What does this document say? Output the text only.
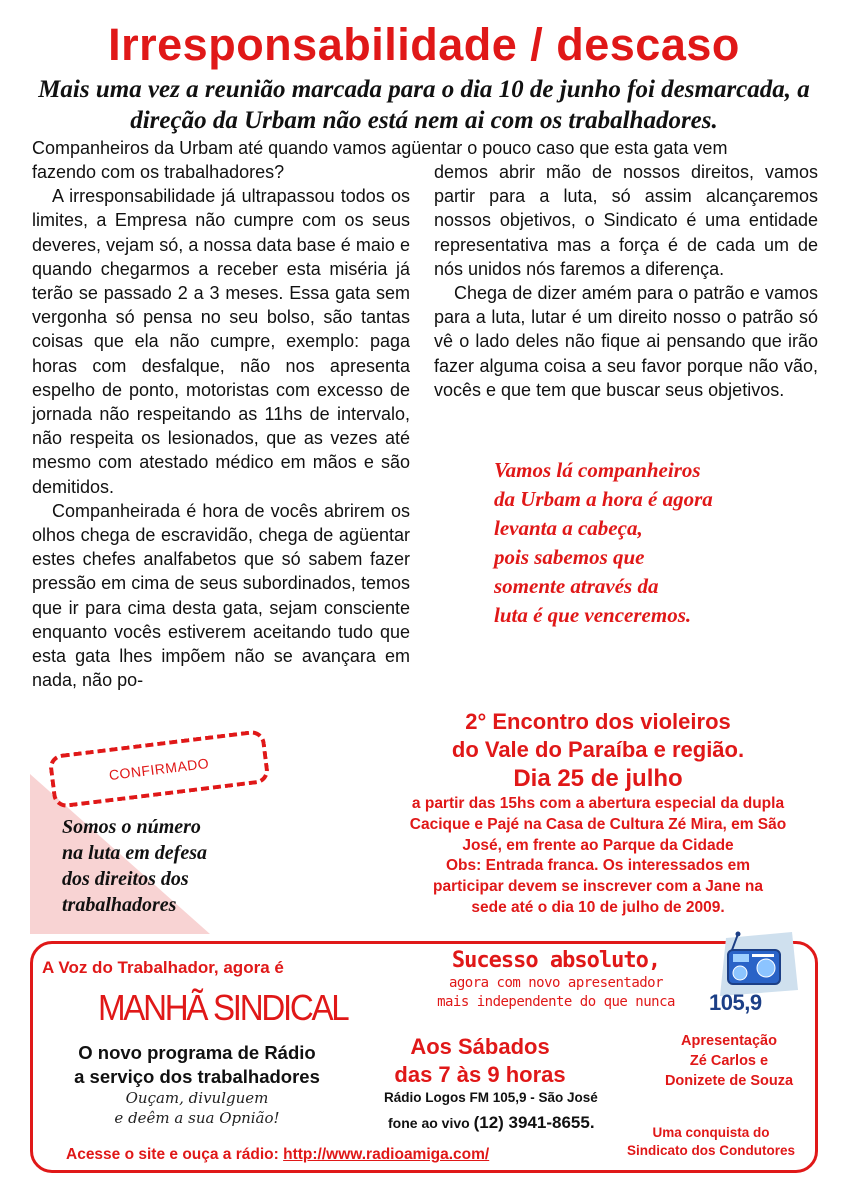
Irresponsabilidade / descaso
Mais uma vez a reunião marcada para o dia 10 de junho foi desmarcada, a direção da Urbam não está nem ai com os trabalhadores.
Companheiros da Urbam até quando vamos agüentar o pouco caso que esta gata vem

fazendo com os trabalhadores?

A irresponsabilidade já ultrapassou todos os limites, a Empresa não cumpre com os seus deveres, vejam só, a nossa data base é maio e quando chegarmos a receber esta miséria já terão se passado 2 a 3 meses. Essa gata sem vergonha só pensa no seu bolso, são tantas coisas que ela não cumpre, exemplo: paga horas com desfalque, não nos apresenta espelho de ponto, motoristas com excesso de jornada não respeitando as 11hs de intervalo, não respeita os lesionados, que as vezes até mesmo com atestado médico em mãos e são demitidos.

Companheirada é hora de vocês abrirem os olhos chega de escravidão, chega de agüentar estes chefes analfabetos que só sabem fazer pressão em cima de seus subordinados, temos que ir para cima desta gata, sejam consciente enquanto vocês estiverem aceitando tudo que esta gata lhes impõem não se avançara em nada, não po-

demos abrir mão de nossos direitos, vamos partir para a luta, só assim alcançaremos nossos objetivos, o Sindicato é uma entidade representativa mas a força é de cada um de nós unidos nós faremos a diferença.

Chega de dizer amém para o patrão e vamos para a luta, lutar é um direito nosso o patrão só vê o lado deles não fique ai pensando que irão fazer alguma coisa a seu favor porque não vão, vocês e que tem que buscar seus objetivos.

Vamos lá companheiros
da Urbam a hora é agora
levanta a cabeça,
pois sabemos que
somente através da
luta é que venceremos.
2° Encontro dos violeiros
do Vale do Paraíba e região.
Dia 25 de julho
a partir das 15hs com a abertura especial da dupla
Cacique e Pajé na Casa de Cultura Zé Mira, em São
José, em frente ao Parque da Cidade
Obs: Entrada franca. Os interessados em
participar devem se inscrever com a Jane na
sede até o dia 10 de julho de 2009.
CONFIRMADO
Somos o número
na luta em defesa
dos direitos dos
trabalhadores
A Voz do Trabalhador, agora é
MANHÃ SINDICAL
O novo programa de Rádio
a serviço dos trabalhadores
Ouçam, divulguem
e deêm a sua Opnião!
Acesse o site e ouça a rádio: http://www.radioamiga.com/
Sucesso absoluto,
agora com novo apresentador
mais independente do que nunca
Aos Sábados
das 7 às 9 horas
Rádio Logos FM 105,9 - São José
fone ao vivo (12) 3941-8655.
105,9
Apresentação
Zé Carlos e
Donizete de Souza
Uma conquista do
Sindicato dos Condutores
